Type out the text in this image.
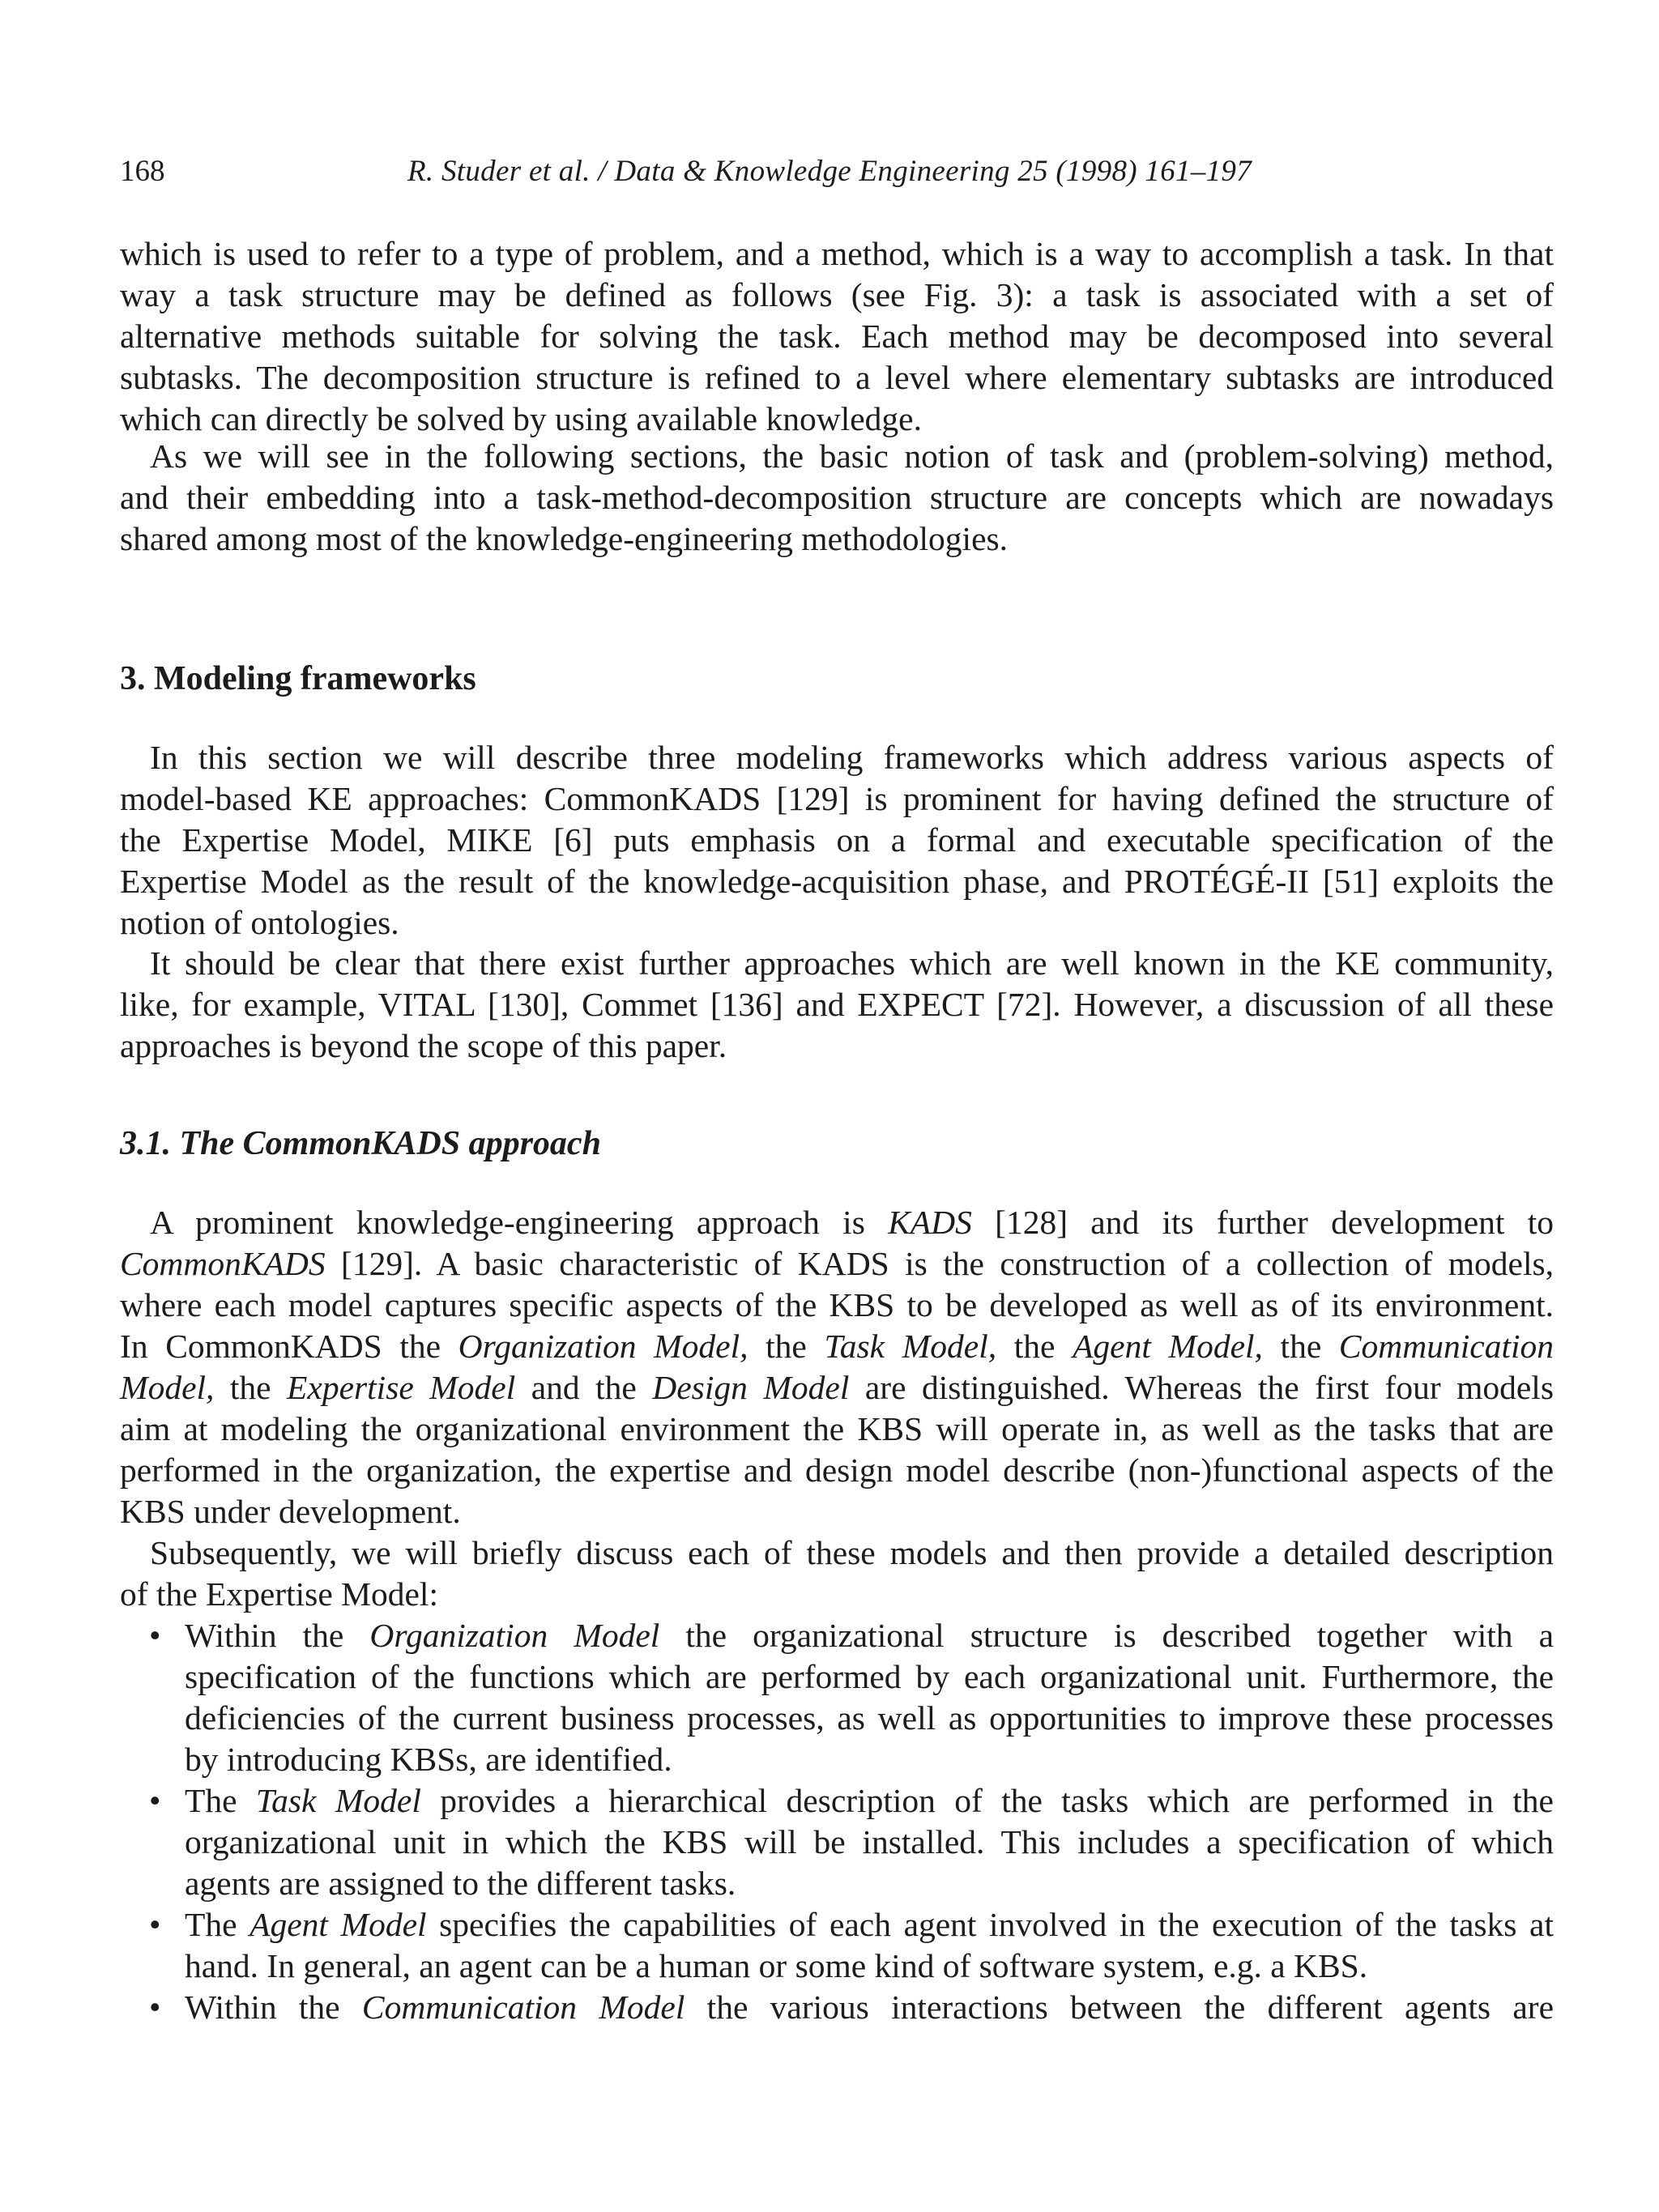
168	R. Studer et al. / Data & Knowledge Engineering 25 (1998) 161–197
which is used to refer to a type of problem, and a method, which is a way to accomplish a task. In that
way a task structure may be defined as follows (see Fig. 3): a task is associated with a set of
alternative methods suitable for solving the task. Each method may be decomposed into several
subtasks. The decomposition structure is refined to a level where elementary subtasks are introduced
which can directly be solved by using available knowledge.
As we will see in the following sections, the basic notion of task and (problem-solving) method,
and their embedding into a task-method-decomposition structure are concepts which are nowadays
shared among most of the knowledge-engineering methodologies.
3. Modeling frameworks
In this section we will describe three modeling frameworks which address various aspects of
model-based KE approaches: CommonKADS [129] is prominent for having defined the structure of
the Expertise Model, MIKE [6] puts emphasis on a formal and executable specification of the
Expertise Model as the result of the knowledge-acquisition phase, and PROTÉGÉ-II [51] exploits the
notion of ontologies.
It should be clear that there exist further approaches which are well known in the KE community,
like, for example, VITAL [130], Commet [136] and EXPECT [72]. However, a discussion of all these
approaches is beyond the scope of this paper.
3.1. The CommonKADS approach
A prominent knowledge-engineering approach is KADS [128] and its further development to
CommonKADS [129]. A basic characteristic of KADS is the construction of a collection of models,
where each model captures specific aspects of the KBS to be developed as well as of its environment.
In CommonKADS the Organization Model, the Task Model, the Agent Model, the Communication
Model, the Expertise Model and the Design Model are distinguished. Whereas the first four models
aim at modeling the organizational environment the KBS will operate in, as well as the tasks that are
performed in the organization, the expertise and design model describe (non-)functional aspects of the
KBS under development.
Subsequently, we will briefly discuss each of these models and then provide a detailed description
of the Expertise Model:
• Within the Organization Model the organizational structure is described together with a
specification of the functions which are performed by each organizational unit. Furthermore, the
deficiencies of the current business processes, as well as opportunities to improve these processes
by introducing KBSs, are identified.
• The Task Model provides a hierarchical description of the tasks which are performed in the
organizational unit in which the KBS will be installed. This includes a specification of which
agents are assigned to the different tasks.
• The Agent Model specifies the capabilities of each agent involved in the execution of the tasks at
hand. In general, an agent can be a human or some kind of software system, e.g. a KBS.
• Within the Communication Model the various interactions between the different agents are
